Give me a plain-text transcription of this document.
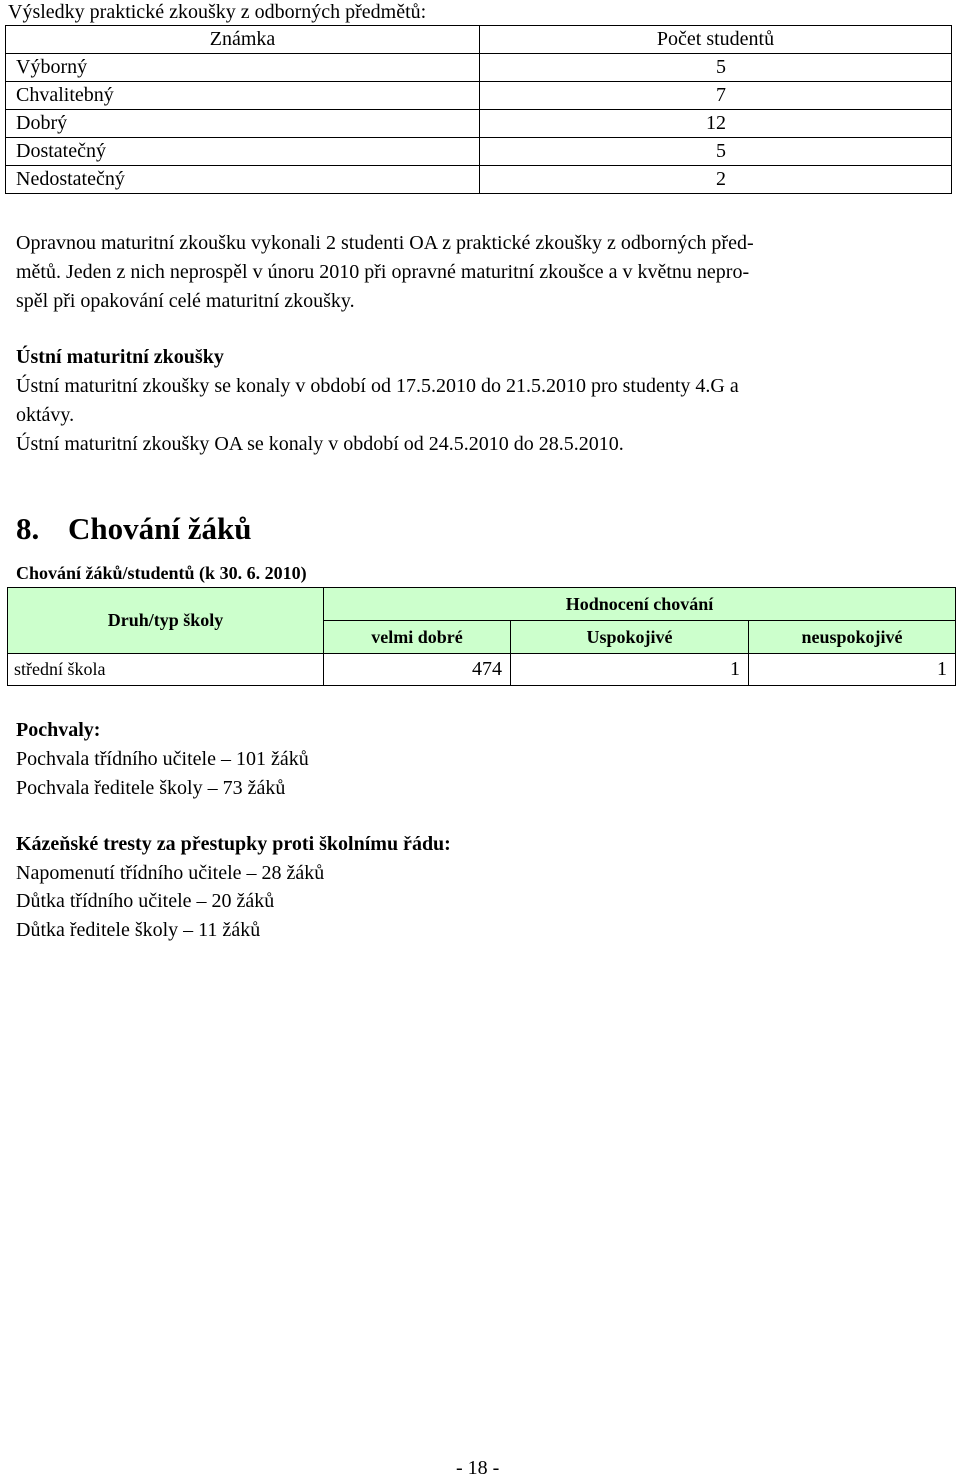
Výsledky praktické zkoušky z odborných předmětů:
Známka	Počet studentů
Výborný	5
Chvalitebný	7
Dobrý	12
Dostatečný	5
Nedostatečný	2
Opravnou maturitní zkoušku vykonali 2 studenti OA z praktické zkoušky z odborných před-
mětů. Jeden z nich neprospěl v únoru 2010 při opravné maturitní zkoušce a v květnu nepro-
spěl při opakování celé maturitní zkoušky.
Ústní maturitní zkoušky
Ústní maturitní zkoušky se konaly v období od 17.5.2010 do 21.5.2010 pro studenty 4.G a
oktávy.
Ústní maturitní zkoušky OA se konaly v období od 24.5.2010 do 28.5.2010.
8. Chování žáků
Chování žáků/studentů (k 30. 6. 2010)
Druh/typ školy	Hodnocení chování		
	velmi dobré	Uspokojivé	neuspokojivé
střední škola	474	1	1
Pochvaly:
Pochvala třídního učitele – 101 žáků
Pochvala ředitele školy – 73 žáků
Kázeňské tresty za přestupky proti školnímu řádu:
Napomenutí třídního učitele – 28 žáků
Důtka třídního učitele – 20 žáků
Důtka ředitele školy – 11 žáků
- 18 -
